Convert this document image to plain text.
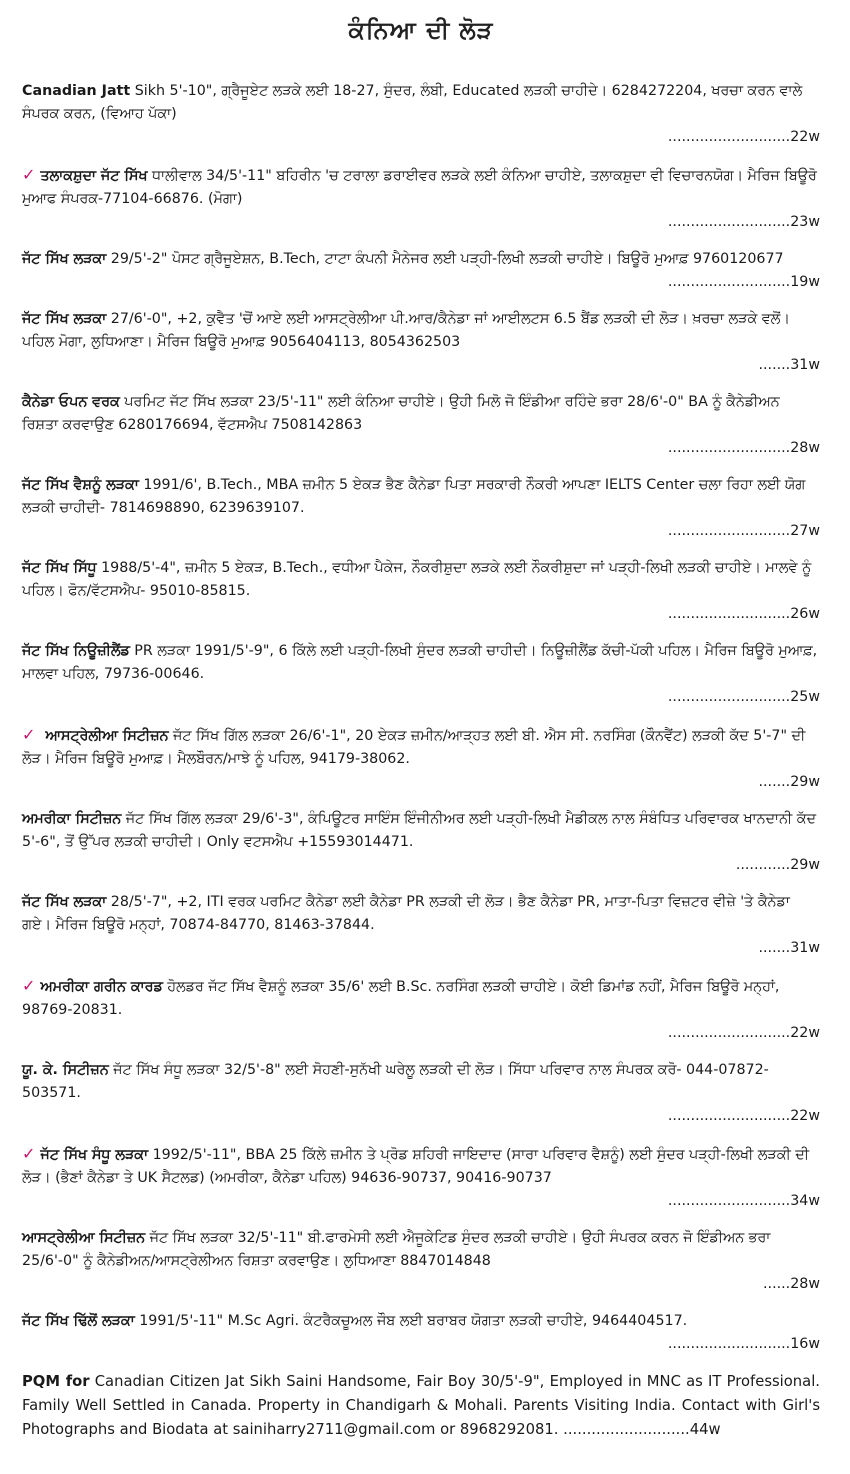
ਕੰਨਿਆ ਦੀ ਲੋੜ
Canadian Jatt Sikh 5'-10", ਗ੍ਰੈਜੂਏਟ ਲੜਕੇ ਲਈ 18-27, ਸੁੰਦਰ, ਲੰਬੀ, Educated ਲੜਕੀ ਚਾਹੀਦੇ। 6284272204, ਖਰਚਾ ਕਰਨ ਵਾਲੇ ਸੰਪਰਕ ਕਰਨ, (ਵਿਆਹ ਪੱਕਾ)
...........................22w
✓ ਤਲਾਕਸ਼ੁਦਾ ਜੱਟ ਸਿੱਖ ਧਾਲੀਵਾਲ 34/5'-11" ਬਹਿਰੀਨ 'ਚ ਟਰਾਲਾ ਡਰਾਈਵਰ ਲੜਕੇ ਲਈ ਕੰਨਿਆ ਚਾਹੀਏ, ਤਲਾਕਸ਼ੁਦਾ ਵੀ ਵਿਚਾਰਨਯੋਗ। ਮੈਰਿਜ ਬਿਊਰੋ ਮੁਆਫ ਸੰਪਰਕ-77104-66876. (ਮੋਗਾ)
...........................23w
ਜੱਟ ਸਿੱਖ ਲੜਕਾ 29/5'-2" ਪੋਸਟ ਗ੍ਰੈਜੂਏਸ਼ਨ, B.Tech, ਟਾਟਾ ਕੰਪਨੀ ਮੈਨੇਜਰ ਲਈ ਪੜ੍ਹੀ-ਲਿਖੀ ਲੜਕੀ ਚਾਹੀਏ। ਬਿਊਰੋ ਮੁਆਫ਼ 9760120677
...........................19w
ਜੱਟ ਸਿੱਖ ਲੜਕਾ 27/6'-0", +2, ਕੁਵੈਤ 'ਚੋਂ ਆਏ ਲਈ ਆਸਟ੍ਰੇਲੀਆ ਪੀ.ਆਰ/ਕੈਨੇਡਾ ਜਾਂ ਆਈਲਟਸ 6.5 ਬੈਂਡ ਲੜਕੀ ਦੀ ਲੋੜ। ਖ਼ਰਚਾ ਲੜਕੇ ਵਲੋਂ। ਪਹਿਲ ਮੋਗਾ, ਲੁਧਿਆਣਾ। ਮੈਰਿਜ ਬਿਊਰੋ ਮੁਆਫ਼ 9056404113, 8054362503
.......31w
ਕੈਨੇਡਾ ਓਪਨ ਵਰਕ ਪਰਮਿਟ ਜੱਟ ਸਿੱਖ ਲੜਕਾ 23/5'-11" ਲਈ ਕੰਨਿਆ ਚਾਹੀਏ। ਉਹੀ ਮਿਲੋ ਜੋ ਇੰਡੀਆ ਰਹਿੰਦੇ ਭਰਾ 28/6'-0" BA ਨੂੰ ਕੈਨੇਡੀਅਨ ਰਿਸ਼ਤਾ ਕਰਵਾਉਣ 6280176694, ਵੱਟਸਐਪ 7508142863
...........................28w
ਜੱਟ ਸਿੱਖ ਵੈਸ਼ਨੂੰ ਲੜਕਾ 1991/6', B.Tech., MBA ਜ਼ਮੀਨ 5 ਏਕੜ ਭੈਣ ਕੈਨੇਡਾ ਪਿਤਾ ਸਰਕਾਰੀ ਨੌਕਰੀ ਆਪਣਾ IELTS Center ਚਲਾ ਰਿਹਾ ਲਈ ਯੋਗ ਲੜਕੀ ਚਾਹੀਦੀ- 7814698890, 6239639107.
...........................27w
ਜੱਟ ਸਿੱਖ ਸਿੱਧੂ 1988/5'-4", ਜ਼ਮੀਨ 5 ਏਕੜ, B.Tech., ਵਧੀਆ ਪੈਕੇਜ, ਨੌਕਰੀਸ਼ੁਦਾ ਲੜਕੇ ਲਈ ਨੌਕਰੀਸ਼ੁਦਾ ਜਾਂ ਪੜ੍ਹੀ-ਲਿਖੀ ਲੜਕੀ ਚਾਹੀਏ। ਮਾਲਵੇ ਨੂੰ ਪਹਿਲ। ਫੋਨ/ਵੱਟਸਐਪ- 95010-85815.
...........................26w
ਜੱਟ ਸਿੱਖ ਨਿਊਜ਼ੀਲੈਂਡ PR ਲੜਕਾ 1991/5'-9", 6 ਕਿੱਲੇ ਲਈ ਪੜ੍ਹੀ-ਲਿਖੀ ਸੁੰਦਰ ਲੜਕੀ ਚਾਹੀਦੀ। ਨਿਊਜ਼ੀਲੈਂਡ ਕੱਚੀ-ਪੱਕੀ ਪਹਿਲ। ਮੈਰਿਜ ਬਿਊਰੋ ਮੁਆਫ਼, ਮਾਲਵਾ ਪਹਿਲ, 79736-00646.
...........................25w
✓ ਆਸਟ੍ਰੇਲੀਆ ਸਿਟੀਜ਼ਨ ਜੱਟ ਸਿੱਖ ਗਿੱਲ ਲੜਕਾ 26/6'-1", 20 ਏਕੜ ਜ਼ਮੀਨ/ਆੜ੍ਹਤ ਲਈ ਬੀ. ਐਸ ਸੀ. ਨਰਸਿੰਗ (ਕੌਨਵੈਂਟ) ਲੜਕੀ ਕੱਦ 5'-7" ਦੀ ਲੋੜ। ਮੈਰਿਜ ਬਿਊਰੋ ਮੁਆਫ਼। ਮੈਲਬੌਰਨ/ਮਾਝੇ ਨੂੰ ਪਹਿਲ, 94179-38062.
.......29w
ਅਮਰੀਕਾ ਸਿਟੀਜ਼ਨ ਜੱਟ ਸਿੱਖ ਗਿੱਲ ਲੜਕਾ 29/6'-3", ਕੰਪਿਊਟਰ ਸਾਇੰਸ ਇੰਜੀਨੀਅਰ ਲਈ ਪੜ੍ਹੀ-ਲਿਖੀ ਮੈਡੀਕਲ ਨਾਲ ਸੰਬੰਧਿਤ ਪਰਿਵਾਰਕ ਖਾਨਦਾਨੀ ਕੱਦ 5'-6", ਤੋਂ ਉੱਪਰ ਲੜਕੀ ਚਾਹੀਦੀ। Only ਵਟਸਐਪ +15593014471.
............29w
ਜੱਟ ਸਿੱਖ ਲੜਕਾ 28/5'-7", +2, ITI ਵਰਕ ਪਰਮਿਟ ਕੈਨੇਡਾ ਲਈ ਕੈਨੇਡਾ PR ਲੜਕੀ ਦੀ ਲੋੜ। ਭੈਣ ਕੈਨੇਡਾ PR, ਮਾਤਾ-ਪਿਤਾ ਵਿਜ਼ਟਰ ਵੀਜ਼ੇ 'ਤੇ ਕੈਨੇਡਾ ਗਏ। ਮੈਰਿਜ ਬਿਊਰੋ ਮਨ੍ਹਾਂ, 70874-84770, 81463-37844.
.......31w
✓ ਅਮਰੀਕਾ ਗਰੀਨ ਕਾਰਡ ਹੋਲਡਰ ਜੱਟ ਸਿੱਖ ਵੈਸ਼ਨੂੰ ਲੜਕਾ 35/6' ਲਈ B.Sc. ਨਰਸਿੰਗ ਲੜਕੀ ਚਾਹੀਏ। ਕੋਈ ਡਿਮਾਂਡ ਨਹੀਂ, ਮੈਰਿਜ ਬਿਊਰੋ ਮਨ੍ਹਾਂ, 98769-20831.
...........................22w
ਯੂ. ਕੇ. ਸਿਟੀਜ਼ਨ ਜੱਟ ਸਿੱਖ ਸੰਧੂ ਲੜਕਾ 32/5'-8" ਲਈ ਸੋਹਣੀ-ਸੁਨੱਖੀ ਘਰੇਲੂ ਲੜਕੀ ਦੀ ਲੋੜ। ਸਿੱਧਾ ਪਰਿਵਾਰ ਨਾਲ ਸੰਪਰਕ ਕਰੋ- 044-07872-503571.
...........................22w
✓ ਜੱਟ ਸਿੱਖ ਸੰਧੂ ਲੜਕਾ 1992/5'-11", BBA 25 ਕਿੱਲੇ ਜ਼ਮੀਨ ਤੇ ਪ੍ਰੋਡ ਸ਼ਹਿਰੀ ਜਾਇਦਾਦ (ਸਾਰਾ ਪਰਿਵਾਰ ਵੈਸ਼ਨੂੰ) ਲਈ ਸੁੰਦਰ ਪੜ੍ਹੀ-ਲਿਖੀ ਲੜਕੀ ਦੀ ਲੋੜ। (ਭੈਣਾਂ ਕੈਨੇਡਾ ਤੇ UK ਸੈਟਲਡ) (ਅਮਰੀਕਾ, ਕੈਨੇਡਾ ਪਹਿਲ) 94636-90737, 90416-90737
...........................34w
ਆਸਟ੍ਰੇਲੀਆ ਸਿਟੀਜ਼ਨ ਜੱਟ ਸਿੱਖ ਲੜਕਾ 32/5'-11" ਬੀ.ਫਾਰਮੇਸੀ ਲਈ ਐਜੂਕੇਟਿਡ ਸੁੰਦਰ ਲੜਕੀ ਚਾਹੀਏ। ਉਹੀ ਸੰਪਰਕ ਕਰਨ ਜੋ ਇੰਡੀਅਨ ਭਰਾ 25/6'-0" ਨੂੰ ਕੈਨੇਡੀਅਨ/ਆਸਟ੍ਰੇਲੀਅਨ ਰਿਸ਼ਤਾ ਕਰਵਾਉਣ। ਲੁਧਿਆਣਾ 8847014848
......28w
ਜੱਟ ਸਿੱਖ ਢਿੱਲੋਂ ਲੜਕਾ 1991/5'-11" M.Sc Agri. ਕੰਟਰੈਕਚੂਅਲ ਜੌਬ ਲਈ ਬਰਾਬਰ ਯੋਗਤਾ ਲੜਕੀ ਚਾਹੀਏ, 9464404517.
...........................16w
PQM for Canadian Citizen Jat Sikh Saini Handsome, Fair Boy 30/5'-9", Employed in MNC as IT Professional. Family Well Settled in Canada. Property in Chandigarh & Mohali. Parents Visiting India. Contact with Girl's Photographs and Biodata at sainiharry2711@gmail.com or 8968292081. ...........................44w
